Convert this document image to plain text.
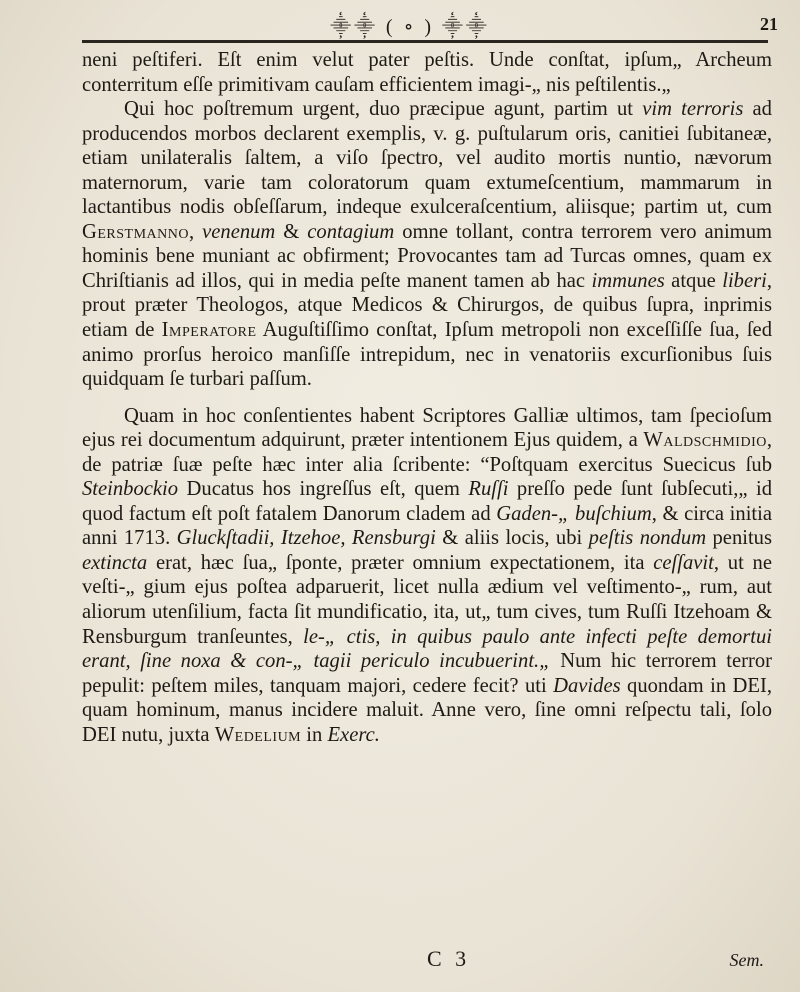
⸎⸎ ( ∘ ) ⸎⸎	21

neni peſtiferi. Eſt enim velut pater peſtis. Unde conſtat, ipſum„ Archeum conterritum eſſe primitivam cauſam efficientem imagi-„ nis peſtilentis.„

Qui hoc poſtremum urgent, duo præcipue agunt, partim ut vim terroris ad producendos morbos declarent exemplis, v. g. puſtularum oris, canitiei ſubitaneæ, etiam unilateralis ſaltem, a viſo ſpectro, vel audito mortis nuntio, nævorum maternorum, varie tam coloratorum quam extumeſcentium, mammarum in lactantibus nodis obſeſſarum, indeque exulceraſcentium, aliisque; partim ut, cum Gerstmanno, venenum & contagium omne tollant, contra terrorem vero animum hominis bene muniant ac obfirment; Provocantes tam ad Turcas omnes, quam ex Chriſtianis ad illos, qui in media peſte manent tamen ab hac immunes atque liberi, prout præter Theologos, atque Medicos & Chirurgos, de quibus ſupra, inprimis etiam de Imperatore Auguſtiſſimo conſtat, Ipſum metropoli non exceſſiſſe ſua, ſed animo prorſus heroico manſiſſe intrepidum, nec in venatoriis excurſionibus ſuis quidquam ſe turbari paſſum.

Quam in hoc conſentientes habent Scriptores Galliæ ultimos, tam ſpecioſum ejus rei documentum adquirunt, præter intentionem Ejus quidem, a Waldschmidio, de patriæ ſuæ peſte hæc inter alia ſcribente: “Poſtquam exercitus Suecicus ſub Steinbockio Ducatus hos ingreſſus eſt, quem Ruſſi preſſo pede ſunt ſubſecuti,„ id quod factum eſt poſt fatalem Danorum cladem ad Gaden-„ buſchium, & circa initia anni 1713. Gluckſtadii, Itzehoe, Rensburgi & aliis locis, ubi peſtis nondum penitus extincta erat, hæc ſua„ ſponte, præter omnium expectationem, ita ceſſavit, ut ne veſti-„ gium ejus poſtea adparuerit, licet nulla ædium vel veſtimento-„ rum, aut aliorum utenſilium, facta ſit mundificatio, ita, ut„ tum cives, tum Ruſſi Itzehoam & Rensburgum tranſeuntes, le-„ ctis, in quibus paulo ante infecti peſte demortui erant, ſine noxa & con-„ tagii periculo incubuerint.„ Num hic terrorem terror pepulit: peſtem miles, tanquam majori, cedere fecit? uti Davides quondam in DEI, quam hominum, manus incidere maluit. Anne vero, ſine omni reſpectu tali, ſolo DEI nutu, juxta Wedelium in Exerc.

C 3	Sem.
